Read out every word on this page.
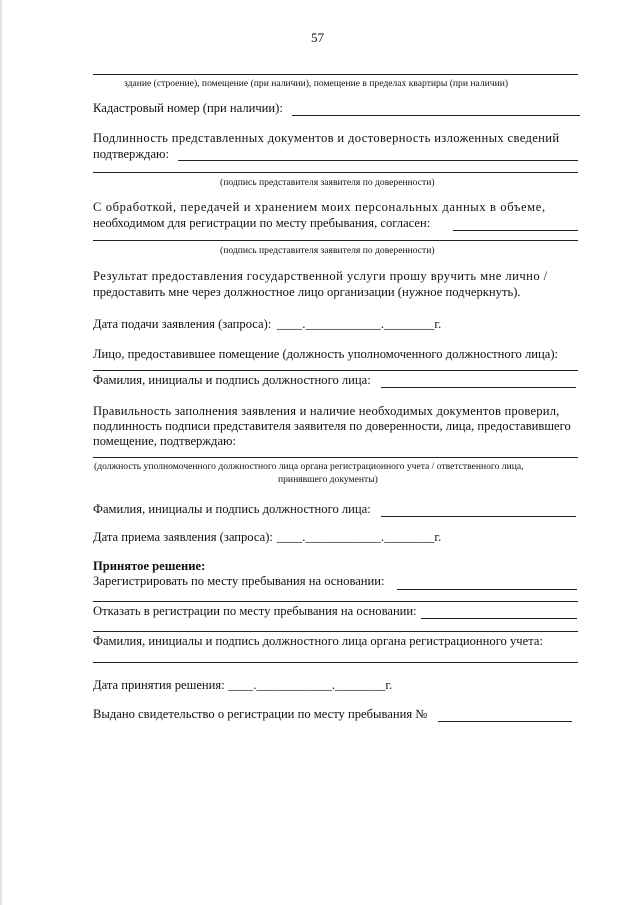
57
здание (строение), помещение (при наличии), помещение в пределах квартиры (при наличии)
Кадастровый номер (при наличии):
Подлинность представленных документов и достоверность изложенных сведений
подтверждаю:
(подпись представителя заявителя по доверенности)
С обработкой, передачей и хранением моих персональных данных в объеме,
необходимом для регистрации по месту пребывания, согласен:
(подпись представителя заявителя по доверенности)
Результат предоставления государственной услуги прошу вручить мне лично /
предоставить мне через должностное лицо организации (нужное подчеркнуть).
Дата подачи заявления (запроса): ____.____________.________г.
Лицо, предоставившее помещение (должность уполномоченного должностного лица):
Фамилия, инициалы и подпись должностного лица:
Правильность заполнения заявления и наличие необходимых документов проверил,
подлинность подписи представителя заявителя по доверенности, лица, предоставившего
помещение, подтверждаю:
(должность уполномоченного должностного лица органа регистрационного учета / ответственного лица,
принявшего документы)
Фамилия, инициалы и подпись должностного лица:
Дата приема заявления (запроса): ____.____________.________г.
Принятое решение:
Зарегистрировать по месту пребывания на основании:
Отказать в регистрации по месту пребывания на основании:
Фамилия, инициалы и подпись должностного лица органа регистрационного учета:
Дата принятия решения: ____.____________.________г.
Выдано свидетельство о регистрации по месту пребывания №
